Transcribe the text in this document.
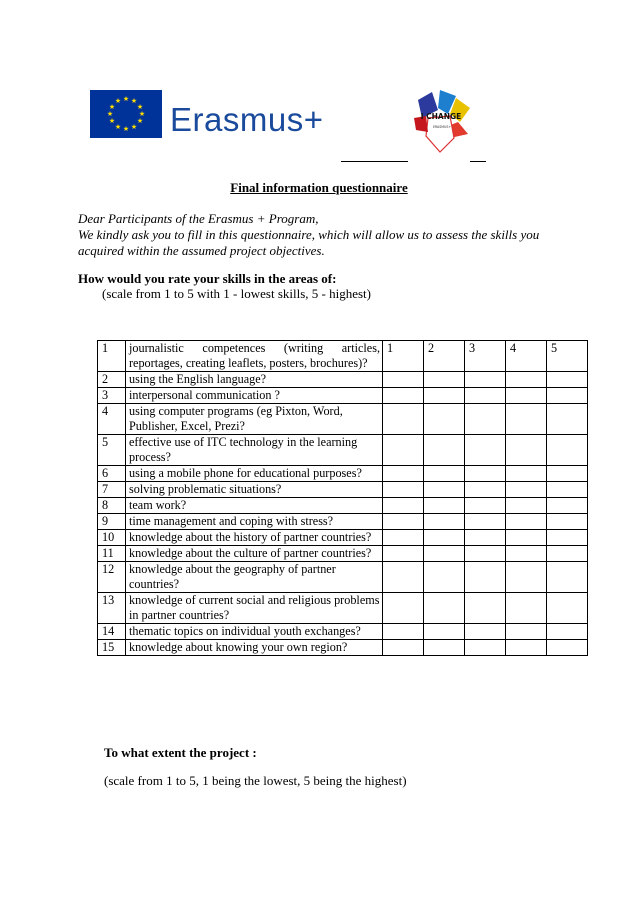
★ ★
★
★
★
★
★
★
★
★
★
★ Erasmus+	I CHANGE
ERASMUS+
Final information questionnaire
Dear Participants of the Erasmus + Program,
We kindly ask you to fill in this questionnaire, which will allow us to assess the skills you
acquired within the assumed project objectives.
How would you rate your skills in the areas of:
(scale from 1 to 5 with 1 - lowest skills, 5 - highest)
1	journalistic competences (writing articles, reportages, creating leaflets, posters, brochures)?	1	2	3	4	5
2	using the English language?					
3	interpersonal communication ?					
4	using computer programs (eg Pixton, Word, Publisher, Excel, Prezi?					
5	effective use of ITC technology in the learning process?					
6	using a mobile phone for educational purposes?					
7	solving problematic situations?					
8	team work?					
9	time management and coping with stress?					
10	knowledge about the history of partner countries?					
11	knowledge about the culture of partner countries?					
12	knowledge about the geography of partner countries?					
13	knowledge of current social and religious problems in partner countries?					
14	thematic topics on individual youth exchanges?					
15	knowledge about knowing your own region?					
To what extent the project :
(scale from 1 to 5, 1 being the lowest, 5 being the highest)
